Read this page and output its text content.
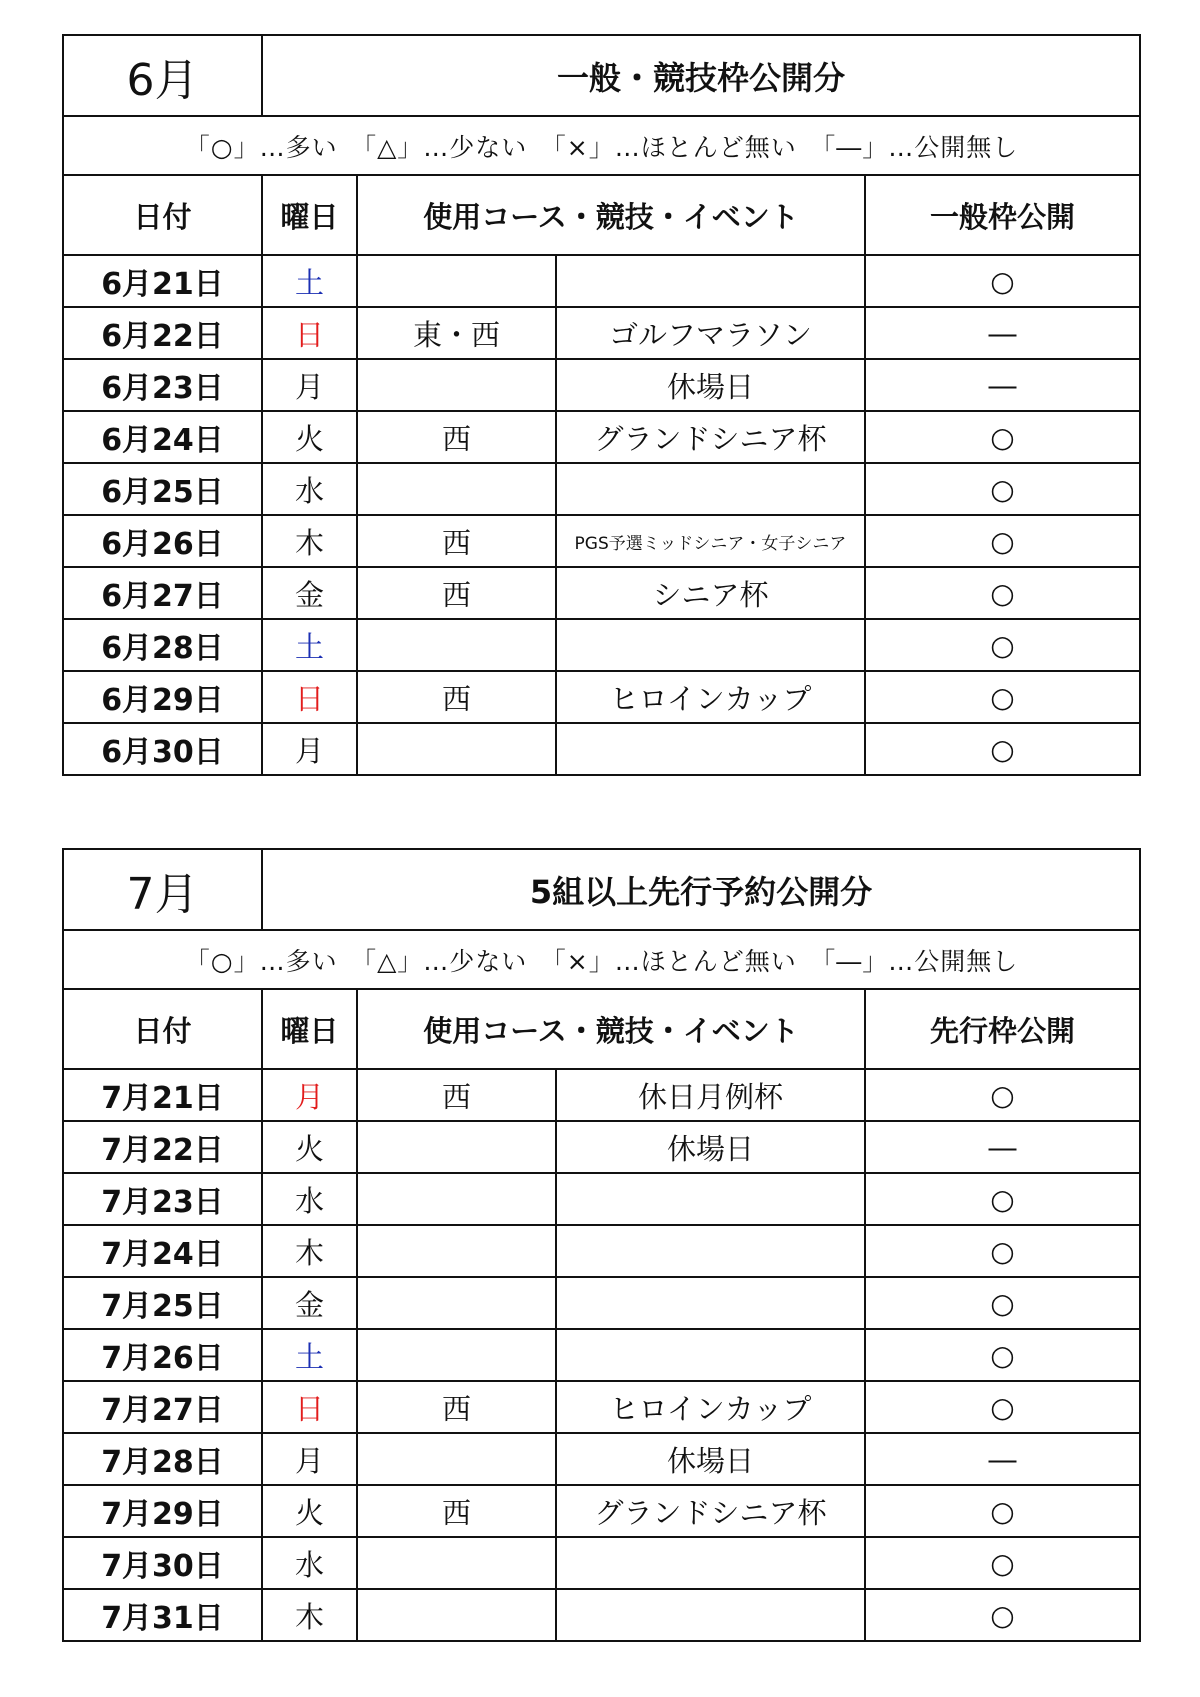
6月	一般・競技枠公開分			
「○」…多い　「△」…少ない　「×」…ほとんど無い　「―」…公開無し				
日付	曜日	使用コース・競技・イベント		一般枠公開
6月21日	土			○
6月22日	日	東・西	ゴルフマラソン	―
6月23日	月		休場日	―
6月24日	火	西	グランドシニア杯	○
6月25日	水			○
6月26日	木	西	PGS予選ミッドシニア・女子シニア	○
6月27日	金	西	シニア杯	○
6月28日	土			○
6月29日	日	西	ヒロインカップ	○
6月30日	月			○
7月	5組以上先行予約公開分			
「○」…多い　「△」…少ない　「×」…ほとんど無い　「―」…公開無し				
日付	曜日	使用コース・競技・イベント		先行枠公開
7月21日	月	西	休日月例杯	○
7月22日	火		休場日	―
7月23日	水			○
7月24日	木			○
7月25日	金			○
7月26日	土			○
7月27日	日	西	ヒロインカップ	○
7月28日	月		休場日	―
7月29日	火	西	グランドシニア杯	○
7月30日	水			○
7月31日	木			○
